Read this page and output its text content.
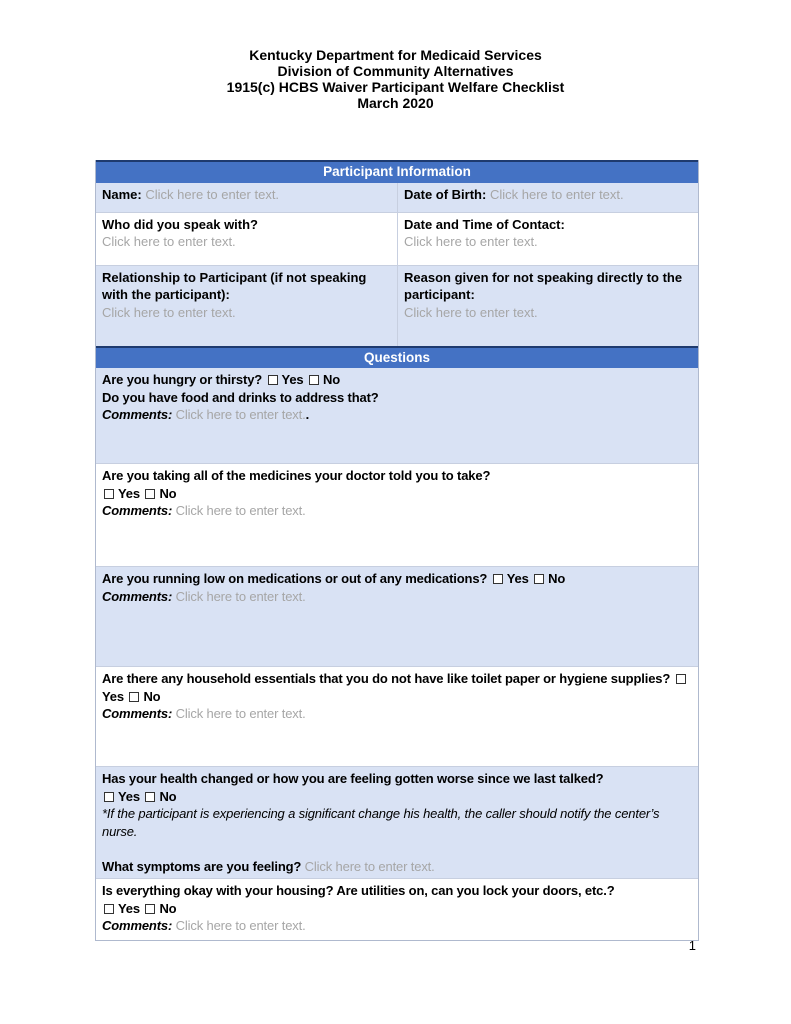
Kentucky Department for Medicaid Services
Division of Community Alternatives
1915(c) HCBS Waiver Participant Welfare Checklist
March 2020
Participant Information
Name: Click here to enter text.	Date of Birth: Click here to enter text.
Who did you speak with?
Click here to enter text.
Date and Time of Contact:
Click here to enter text.
Relationship to Participant (if not speaking with the participant):
Click here to enter text.
Reason given for not speaking directly to the participant:
Click here to enter text.
Questions
Are you hungry or thirsty? Yes No
Do you have food and drinks to address that?
Comments: Click here to enter text..
Are you taking all of the medicines your doctor told you to take?
Yes No
Comments: Click here to enter text.
Are you running low on medications or out of any medications? Yes No
Comments: Click here to enter text.
Are there any household essentials that you do not have like toilet paper or hygiene supplies? Yes No
Comments: Click here to enter text.
Has your health changed or how you are feeling gotten worse since we last talked?
Yes No
*If the participant is experiencing a significant change his health, the caller should notify the center’s nurse.
What symptoms are you feeling? Click here to enter text.
Is everything okay with your housing? Are utilities on, can you lock your doors, etc.?
Yes No
Comments: Click here to enter text.
1
